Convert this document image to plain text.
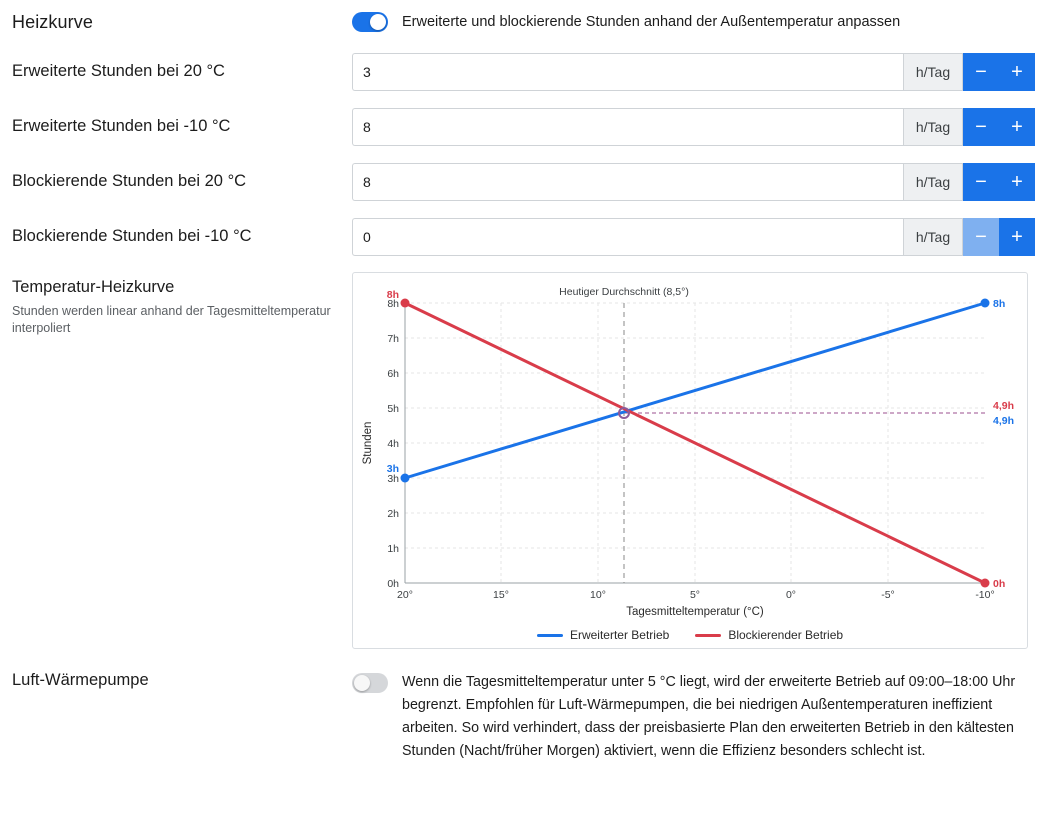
Heizkurve	Erweiterte und blockierende Stunden anhand der Außentemperatur anpassen
Erweiterte Stunden bei 20 °C
3	h/Tag	−	+
Erweiterte Stunden bei -10 °C
8	h/Tag	−	+
Blockierende Stunden bei 20 °C
8	h/Tag	−	+
Blockierende Stunden bei -10 °C
0	h/Tag	−	+
Temperatur-Heizkurve
Stunden werden linear anhand der Tagesmitteltemperatur interpoliert
8h
7h
6h
5h
4h
3h
2h
1h
0h
20°	15°	10°	5°	0°	-5°	-10°
Tagesmitteltemperatur (°C)
Stunden
Heutiger Durchschnitt (8,5°)
3h
8h
8h
0h
4,9h
4,9h
Erweiterter Betrieb	Blockierender Betrieb
Luft-Wärmepumpe	Wenn die Tagesmitteltemperatur unter 5 °C liegt, wird der erweiterte Betrieb auf 09:00–18:00 Uhr begrenzt. Empfohlen für Luft-Wärmepumpen, die bei niedrigen Außentemperaturen ineffizient arbeiten. So wird verhindert, dass der preisbasierte Plan den erweiterten Betrieb in den kältesten Stunden (Nacht/früher Morgen) aktiviert, wenn die Effizienz besonders schlecht ist.
